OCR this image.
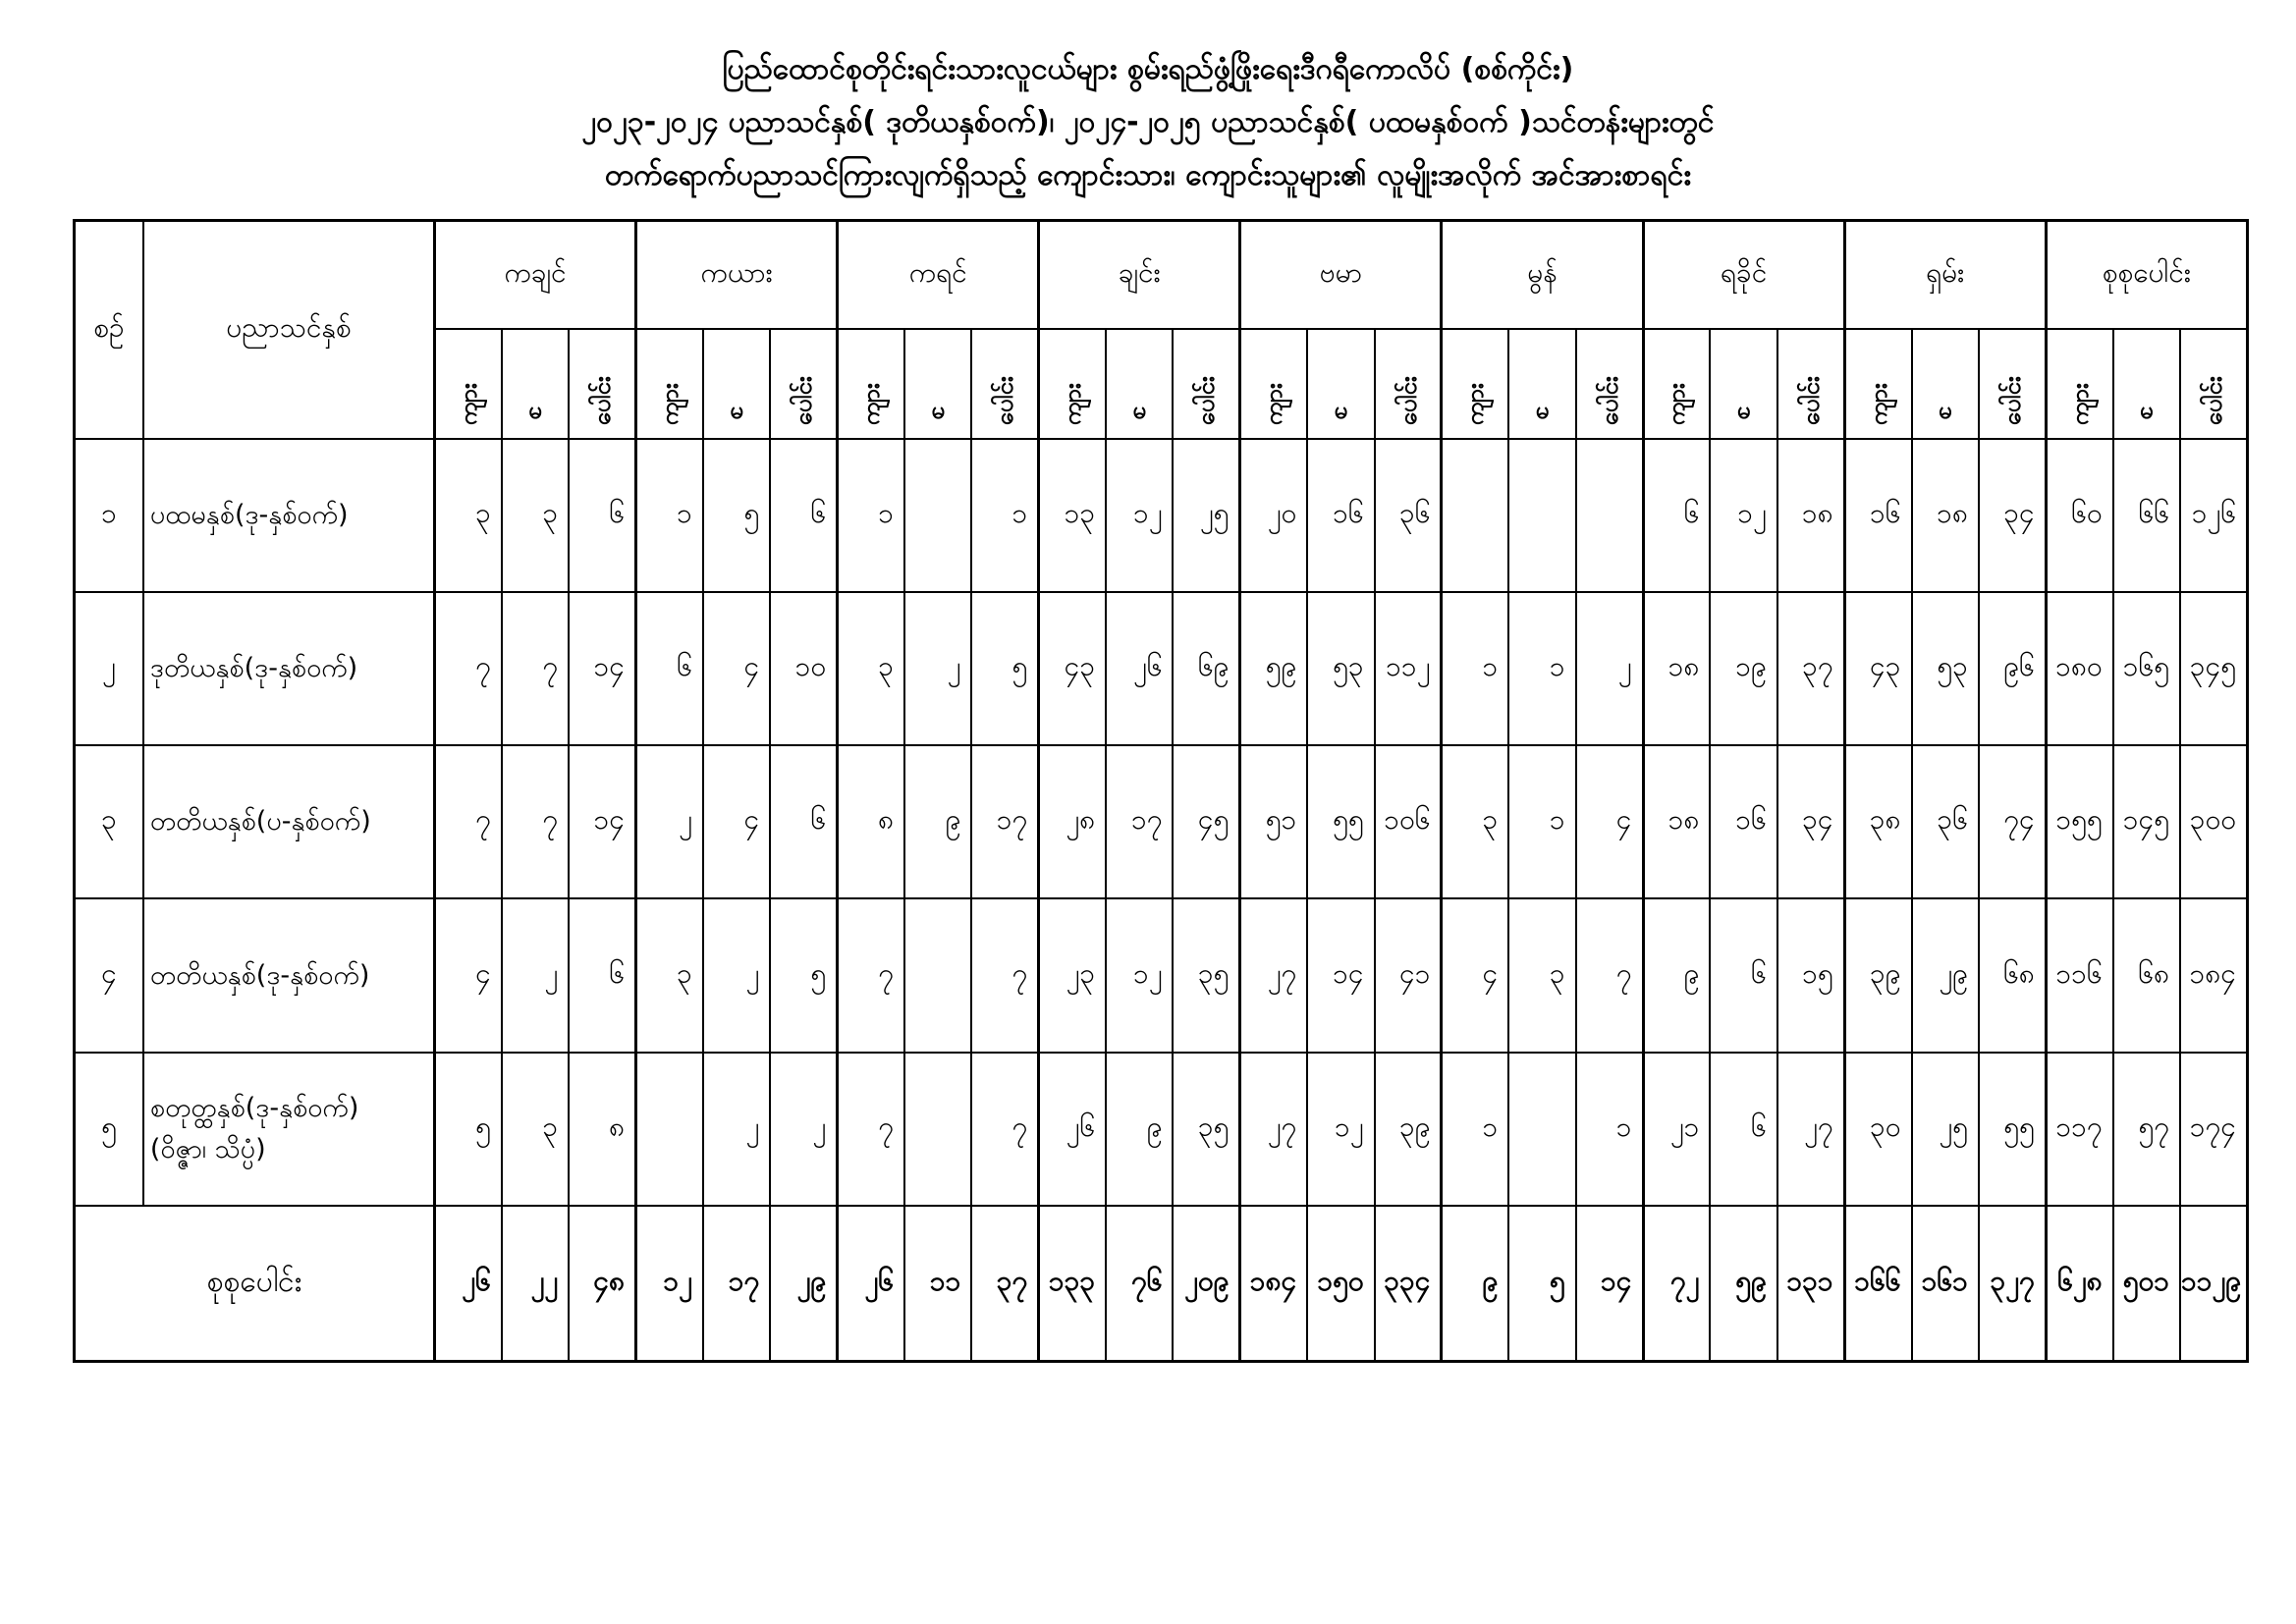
ပြည်ထောင်စုတိုင်းရင်းသားလူငယ်များ စွမ်းရည်ဖွံ့ဖြိုးရေးဒီဂရီကောလိပ် (စစ်ကိုင်း)
၂၀၂၃-၂၀၂၄ ပညာသင်နှစ်( ဒုတိယနှစ်ဝက်)၊ ၂၀၂၄-၂၀၂၅ ပညာသင်နှစ်( ပထမနှစ်ဝက် )သင်တန်းများတွင်
တက်ရောက်ပညာသင်ကြားလျက်ရှိသည့် ကျောင်းသား၊ ကျောင်းသူများ၏ လူမျိုးအလိုက် အင်အားစာရင်း
စဉ်	ပညာသင်နှစ်	ကချင်			ကယား			ကရင်			ချင်း			ဗမာ			မွန်			ရခိုင်			ရှမ်း			စုစုပေါင်း		
		ကျား	မ	ပေါင်း	ကျား	မ	ပေါင်း	ကျား	မ	ပေါင်း	ကျား	မ	ပေါင်း	ကျား	မ	ပေါင်း	ကျား	မ	ပေါင်း	ကျား	မ	ပေါင်း	ကျား	မ	ပေါင်း	ကျား	မ	ပေါင်း
၁	ပထမနှစ်(ဒု-နှစ်ဝက်)	၃	၃	၆	၁	၅	၆	၁		၁	၁၃	၁၂	၂၅	၂၀	၁၆	၃၆				၆	၁၂	၁၈	၁၆	၁၈	၃၄	၆၀	၆၆	၁၂၆
၂	ဒုတိယနှစ်(ဒု-နှစ်ဝက်)	၇	၇	၁၄	၆	၄	၁၀	၃	၂	၅	၄၃	၂၆	၆၉	၅၉	၅၃	၁၁၂	၁	၁	၂	၁၈	၁၉	၃၇	၄၃	၅၃	၉၆	၁၈၀	၁၆၅	၃၄၅
၃	တတိယနှစ်(ပ-နှစ်ဝက်)	၇	၇	၁၄	၂	၄	၆	၈	၉	၁၇	၂၈	၁၇	၄၅	၅၁	၅၅	၁၀၆	၃	၁	၄	၁၈	၁၆	၃၄	၃၈	၃၆	၇၄	၁၅၅	၁၄၅	၃၀၀
၄	တတိယနှစ်(ဒု-နှစ်ဝက်)	၄	၂	၆	၃	၂	၅	၇		၇	၂၃	၁၂	၃၅	၂၇	၁၄	၄၁	၄	၃	၇	၉	၆	၁၅	၃၉	၂၉	၆၈	၁၁၆	၆၈	၁၈၄
၅	စတုတ္ထနှစ်(ဒု-နှစ်ဝက်)
(ဝိဇ္ဇာ၊ သိပ္ပံ)	၅	၃	၈		၂	၂	၇		၇	၂၆	၉	၃၅	၂၇	၁၂	၃၉	၁		၁	၂၁	၆	၂၇	၃၀	၂၅	၅၅	၁၁၇	၅၇	၁၇၄
စုစုပေါင်း		၂၆	၂၂	၄၈	၁၂	၁၇	၂၉	၂၆	၁၁	၃၇	၁၃၃	၇၆	၂၀၉	၁၈၄	၁၅၀	၃၃၄	၉	၅	၁၄	၇၂	၅၉	၁၃၁	၁၆၆	၁၆၁	၃၂၇	၆၂၈	၅၀၁	၁၁၂၉
